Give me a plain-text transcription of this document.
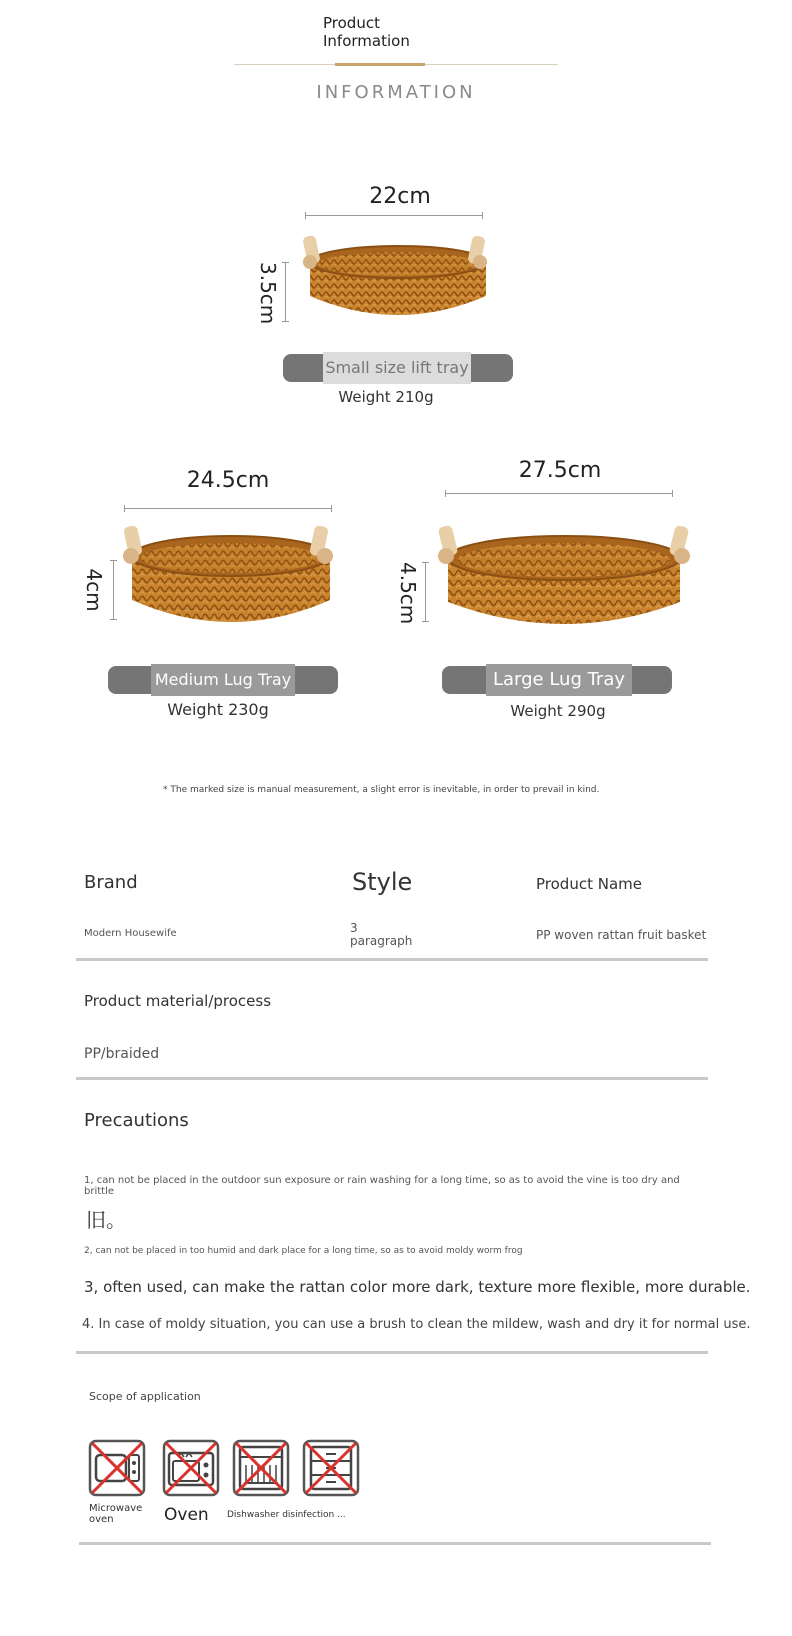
Product Information
INFORMATION
22cm
3.5cm
Small size lift tray
Weight 210g
24.5cm
4cm
Medium Lug Tray
Weight 230g
27.5cm
4.5cm
Large Lug Tray
Weight 290g
* The marked size is manual measurement, a slight error is inevitable, in order to prevail in kind.
Brand	Style	Product Name
Modern Housewife	3 paragraph	PP woven rattan fruit basket
Product material/process
PP/braided
Precautions
1, can not be placed in the outdoor sun exposure or rain washing for a long time, so as to avoid the vine is too dry and brittle
旧。
2, can not be placed in too humid and dark place for a long time, so as to avoid moldy worm frog
3, often used, can make the rattan color more dark, texture more flexible, more durable.
4. In case of moldy situation, you can use a brush to clean the mildew, wash and dry it for normal use.
Scope of application
Microwave oven	Oven Dishwasher disinfection ...
